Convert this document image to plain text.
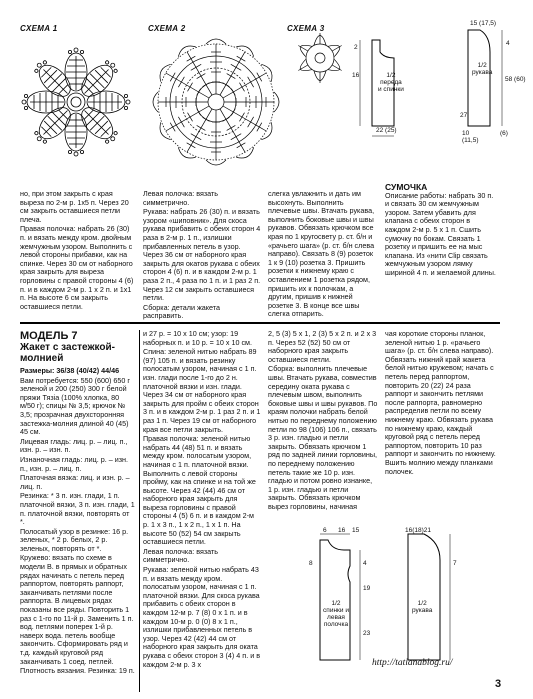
СХЕМА 1	СХЕМА 2	СХЕМА 3
15 (17,5)
1/2
рукава
1/2
переда
и спинки
22 (25)
2
16
58 (60)
27
4
10
(11,5)
(6)

но, при этом закрыть с края выреза по 2-м р. 1х5 п. Через 20 см закрыть оставшиеся петли плеча.

Правая полочка: набрать 26 (30) п. и вязать между кром. двойным жемчужным узором. Выполнить с левой стороны прибавки, как на спинке. Через 30 см от наборного края закрыть для выреза горловины с правой стороны 4 (6) п. и в каждом 2-м р. 1 х 2 п. и 1х1 п. На высоте 6 см закрыть оставшиеся петли.

Левая полочка: вязать симметрично.

Рукава: набрать 26 (30) п. и вязать узором «шиповник». Для скоса рукава прибавить с обеих сторон 4 раза в 2-м р. 1 п., излишки прибавленных петель в узор. Через 36 см от наборного края закрыть для окатов рукава с обеих сторон 4 (6) п. и в каждом 2-м р. 1 раза 2 п., 4 раза по 1 п. и 1 раз 2 п. Через 12 см закрыть оставшиеся петли.

Сборка: детали жакета расправить.

слегка увлажнить и дать им высохнуть. Выполнить плечевые швы. Втачать рукава, выполнить боковые швы и швы рукавов. Обвязать крючком все края по 1 кругосвету р. ст. б/н и «рачьего шага» (р. ст. б/н слева направо). Связать 8 (9) розеток 1 к 9 (10) розетка 3. Пришить розетки к нижнему краю с оставлением 1 розетка рядом, пришить их к полочкам, а другим, пришив к нижней розетке 3. В конце все швы слегка отпарить.

СУМОЧКА

Описание работы: набрать 30 п. и связать 30 см жемчужным узором. Затем убавить для клапана с обеих сторон в каждом 2-м р. 5 х 1 п. Сшить сумочку по бокам. Связать 1 розетку и пришить ее на мыс клапана. Из «нити Clip связать жемчужным узором лямку шириной 4 п. и желаемой длины.

МОДЕЛЬ 7
Жакет с застежкой-молнией

Размеры: 36/38 (40/42) 44/46

Вам потребуется: 550 (600) 650 г зеленой и 200 (250) 300 г белой пряжи Тязia (100% хлопка, 80 м/50 г); спицы № 3,5; крючок № 3,5; прозрачная двухсторонняя застежка-молния длиной 40 (45) 45 см.

Лицевая гладь: лиц. р. – лиц. п., изн. р. – изн. п.

Изнаночная гладь: лиц. р. – изн. п., изн. р. – лиц. п.

Платочная вязка: лиц. и изн. р. – лиц. п.

Резинка: * 3 п. изн. глади, 1 п. платочной вязки, 3 п. изн. глади, 1 п. платочной вязки, повторять от *.

Полосатый узор в резинке: 16 р. зеленых, * 2 р. белых, 2 р. зеленых, повторять от *.

Кружево: вязать по схеме в модели В. в прямых и обратных рядах начинать с петель перед раппортом, повторять раппорт, заканчивать петлями после раппорта. В лицевых рядах показаны все ряды. Повторить 1 раз с 1-го по 11-й р. Заменить 1 п. вод. петлями поперек 1-й р. наверх вода. петель вообще закончить. Сформировать ряд и т.д. каждый круговой ряд заканчивать 1 соед. петлей.

Плотность вязания. Резинка: 19 п.

и 27 р. = 10 х 10 см; узор: 19 наборных п. и 10 р. = 10 х 10 см.

Спина: зеленой нитью набрать 89 (97) 105 п. и вязать резинку полосатым узором, начиная с 1 п. изн. глади после 1-го до 2 н. платочной вязки и изн. глади. Через 34 см от наборного края закрыть для пройм с обеих сторон 3 п. и в каждом 2-м р. 1 раз 2 п. и 1 раз 1 п. Через 19 см от наборного края все петли закрыть.

Правая полочка: зеленой нитью набрать 44 (48) 51 п. и вязать между кром. полосатым узором, начиная с 1 п. платочной вязки. Выполнить с левой стороны пройму, как на спинке и на той же высоте. Через 42 (44) 46 см от наборного края закрыть для выреза горловины с правой стороны 4 (5) 6 п. и в каждом 2-м р. 1 х 3 п., 1 х 2 п., 1 х 1 п. На высоте 50 (52) 54 см закрыть оставшиеся петли.

Левая полочка: вязать симметрично.

Рукава: зеленой нитью набрать 43 п. и вязать между кром. полосатым узором, начиная с 1 п. платочной вязки. Для скоса рукава прибавить с обеих сторон в каждом 12-м р. 7 (8) 0 х 1 п. и в каждом 10-м р. 0 (0) 8 х 1 п., излишки прибавленных петель в узор. Через 42 (42) 44 см от наборного края закрыть для оката рукава с обеих сторон 3 (4) 4 п. и в каждом 2-м р. 3 х

2, 5 (3) 5 х 1, 2 (3) 5 х 2 п. и 2 х 3 п. Через 52 (52) 50 см от наборного края закрыть оставшиеся петли.

Сборка: выполнить плечевые швы. Втачать рукава, совместив середину оката рукава с плечевым швом, выполнить боковые швы и швы рукавов. По краям полочки набрать белой нитью по переднему положению петли по 98 (106) 106 п., связать 3 р. изн. гладью и петли закрыть. Обвязать крючком 1 ряд по задней линии горловины, по переднему положению петель такие же 10 р. изн. гладью и потом ровно изнанке, 1 р. изн. гладью и петли закрыть. Обвязать крючком вырез горловины, начиная

чая короткие стороны планок, зеленой нитью 1 р. «рачьего шага» (р. ст. б/н слева направо). Обвязать нижний край жакета белой нитью кружевом; начать с петель перед раппортом, повторить 20 (22) 24 раза раппорт и закончить петлями после раппорта, равномерно распределив петли по всему нижнему краю. Обвязать рукава по нижнему краю, каждый круговой ряд с петель перед раппортом, повторить 10 раз раппорт и закончить по нижнему. Вшить молнию между планками полочек.

6 16 15
8
1/2
спинки и левая полочка
4
19
23
16(18)21
7
1/2
рукава
http://tatianablog.ru/
3
